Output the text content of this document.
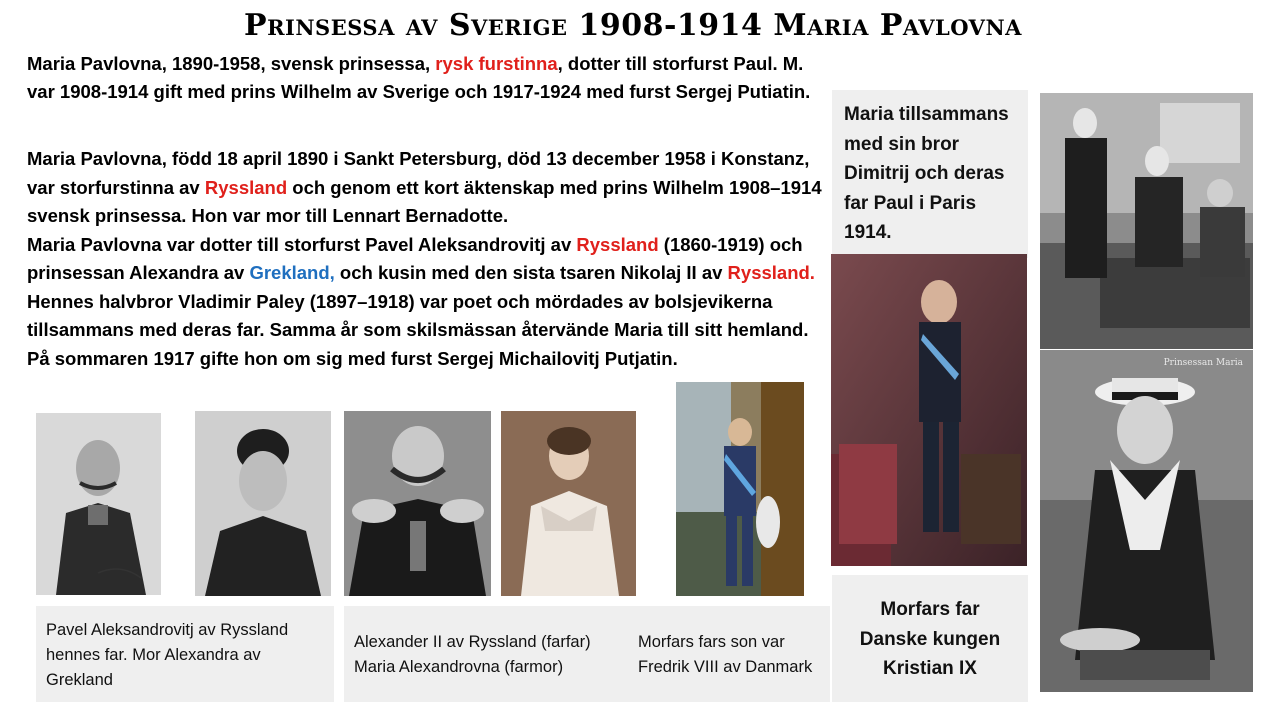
Prinsessa av Sverige 1908-1914 Maria Pavlovna
Maria Pavlovna, 1890-1958, svensk prinsessa, rysk furstinna, dotter till storfurst Paul. M. var 1908-1914 gift med prins Wilhelm av Sverige och 1917-1924 med furst Sergej Putiatin.
Maria Pavlovna, född 18 april 1890 i Sankt Petersburg, död 13 december 1958 i Konstanz, var storfurstinna av Ryssland och genom ett kort äktenskap med prins Wilhelm 1908–1914 svensk prinsessa. Hon var mor till Lennart Bernadotte.
Maria Pavlovna var dotter till storfurst Pavel Aleksandrovitj av Ryssland (1860-1919) och prinsessan Alexandra av Grekland, och kusin med den sista tsaren Nikolaj II av Ryssland. Hennes halvbror Vladimir Paley (1897–1918) var poet och mördades av bolsjevikerna tillsammans med deras far. Samma år som skilsmässan återvände Maria till sitt hemland. På sommaren 1917 gifte hon om sig med furst Sergej Michailovitj Putjatin.
Maria tillsammans med sin bror Dimitrij och deras far Paul i Paris 1914.
Prinsessan Maria
Pavel Aleksandrovitj av Ryssland
hennes far. Mor Alexandra av
Grekland
Alexander II av Ryssland (farfar)
Maria Alexandrovna (farmor)
Morfars fars son var
Fredrik VIII av Danmark
Morfars far
Danske kungen
Kristian IX
